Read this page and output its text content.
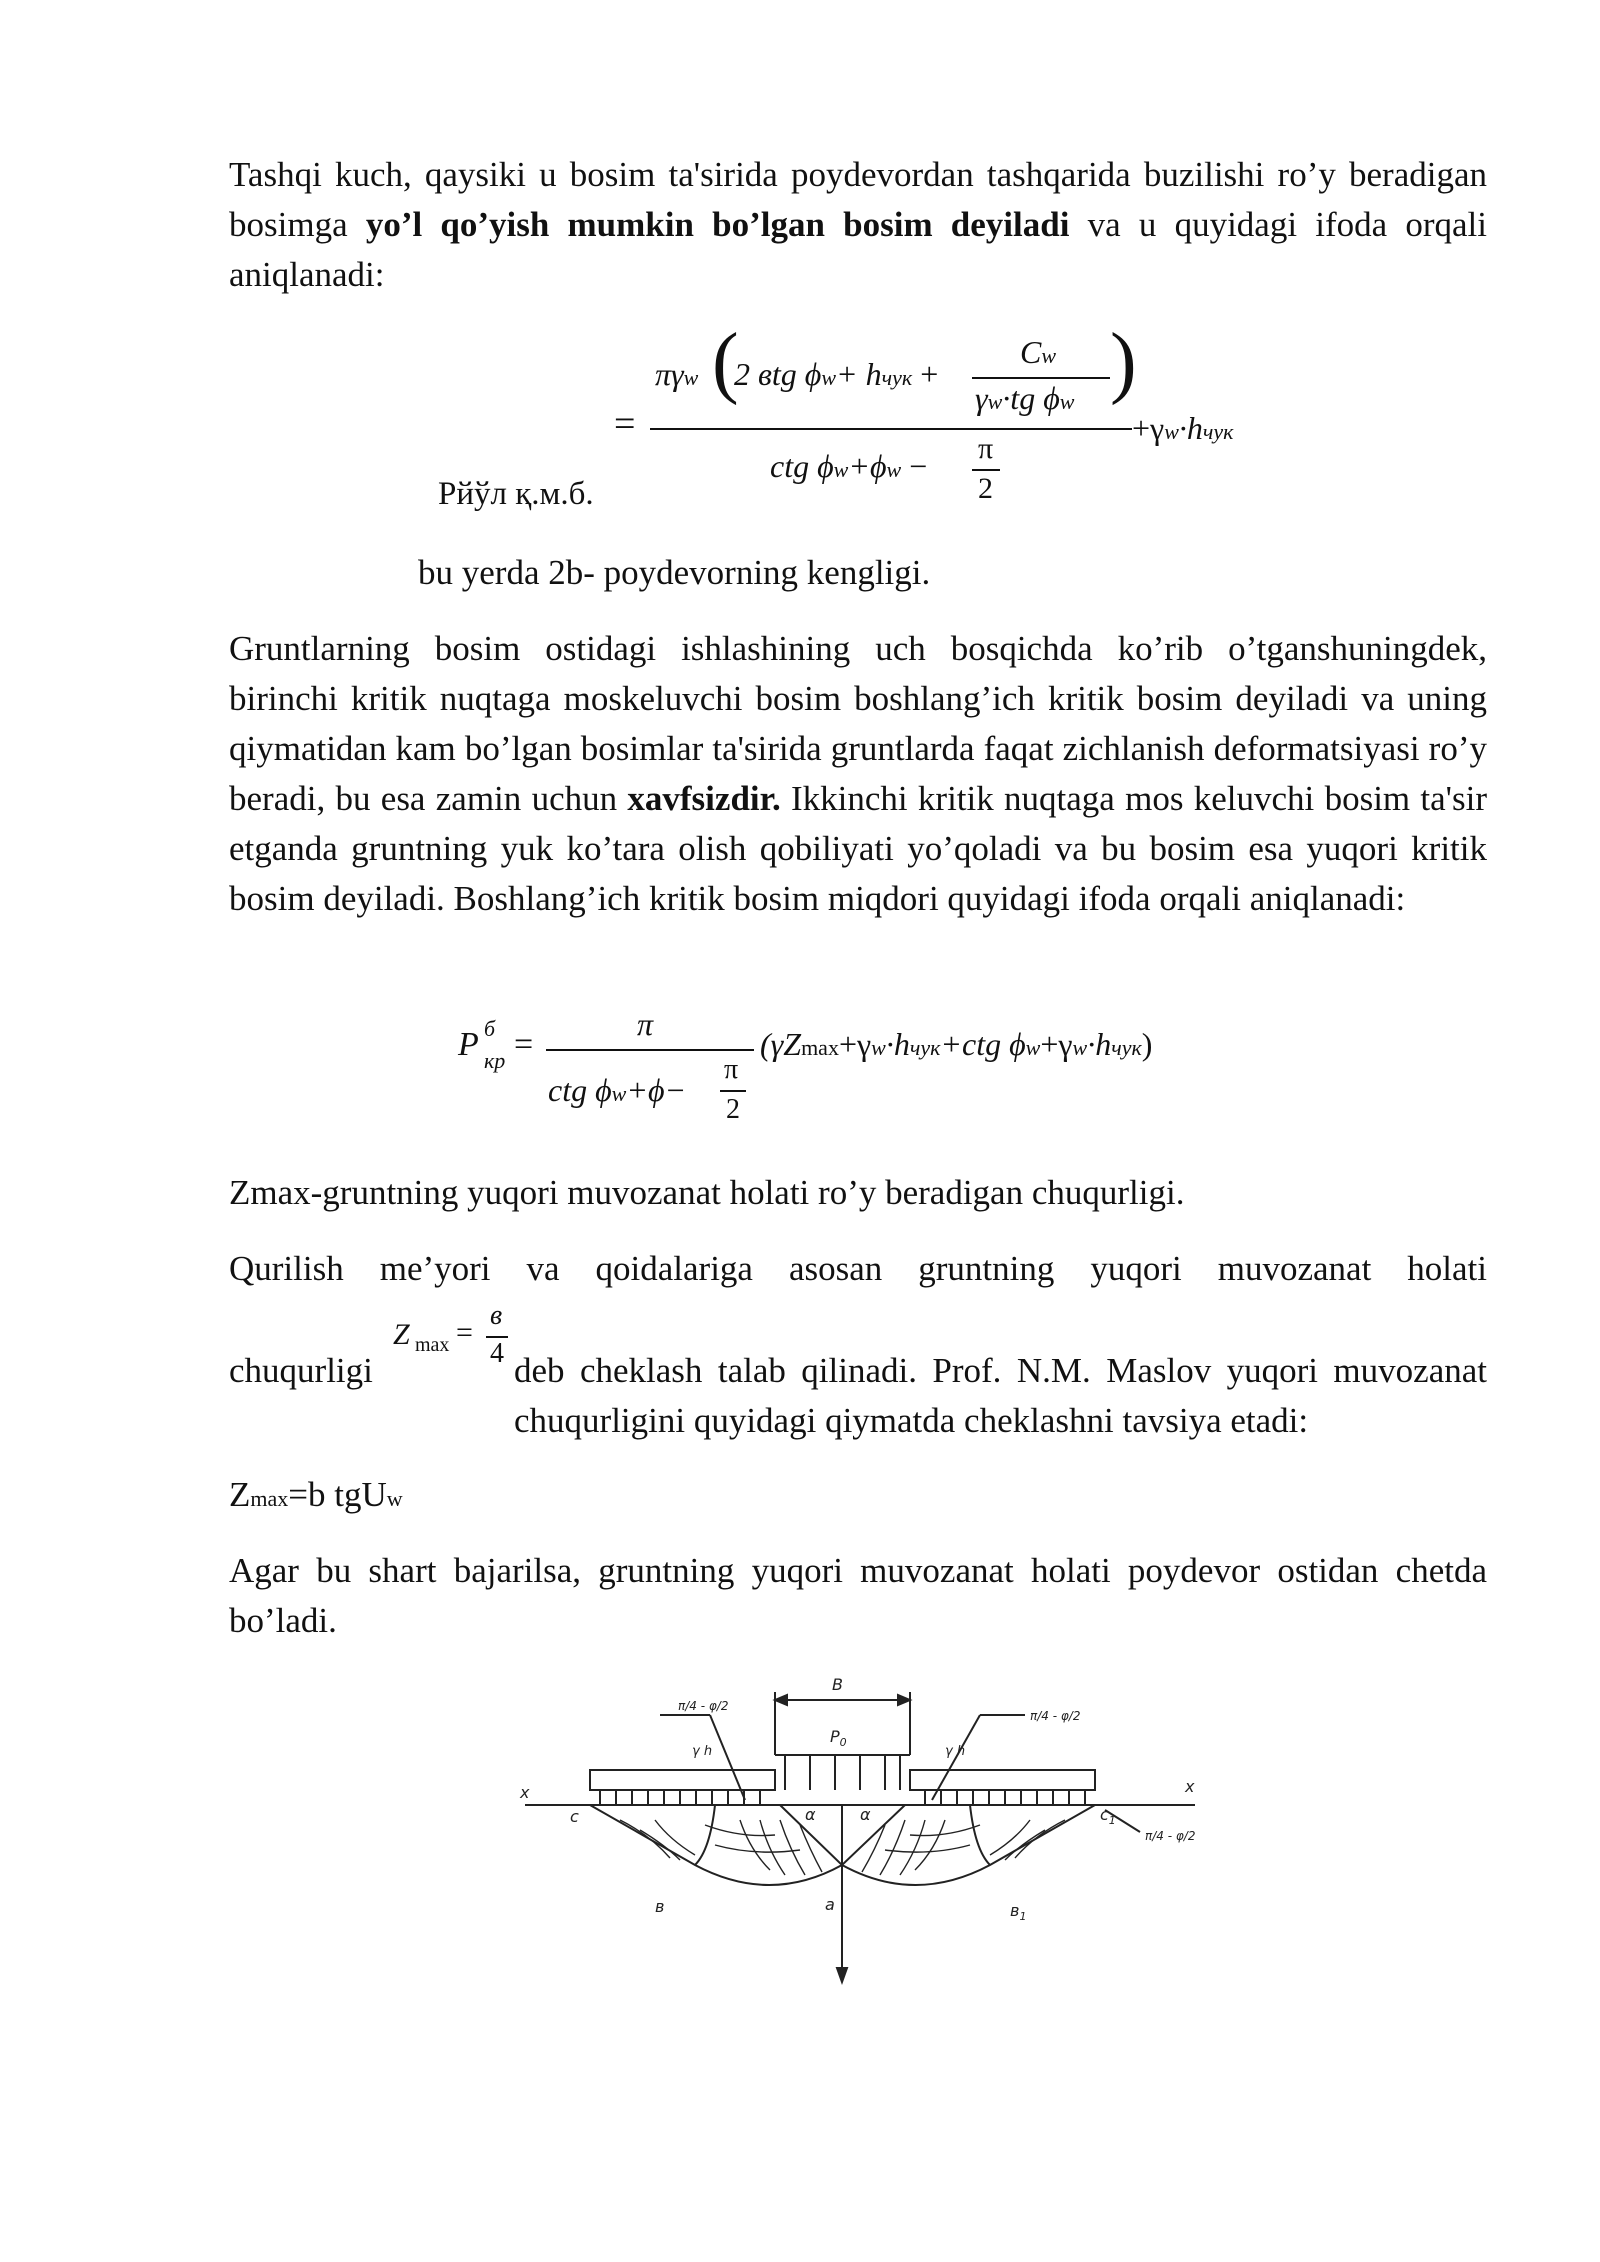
Tashqi kuch, qaysiki u bosim ta'sirida poydevordan tashqarida buzilishi ro’y beradigan bosimga yo’l qo’yish mumkin bo’lgan bosim deyiladi va u quyidagi ifoda orqali aniqlanadi:

Рйўл қ.м.б.
=
πγw (
2 вtg ϕw+ hчук +
Cw
γw·tg ϕw )
ctg ϕw+ϕw − π
2
+γw·hчук

bu yerda 2b- poydevorning kengligi.

Gruntlarning bosim ostidagi ishlashining uch bosqichda ko’rib o’tganshuningdek, birinchi kritik nuqtaga moskeluvchi bosim boshlang’ich kritik bosim deyiladi va uning qiymatidan kam bo’lgan bosimlar ta'sirida gruntlarda faqat zichlanish deformatsiyasi ro’y beradi, bu esa zamin uchun xavfsizdir. Ikkinchi kritik nuqtaga mos keluvchi bosim ta'sir etganda gruntning yuk ko’tara olish qobiliyati yo’qoladi va bu bosim esa yuqori kritik bosim deyiladi. Boshlang’ich kritik bosim miqdori quyidagi ifoda orqali aniqlanadi:

P б
кр =
π
ctg ϕw+ϕ−
π
2
(γZmax+γw·hчук+ctg ϕw+γw·hчук)

Zmax-gruntning yuqori muvozanat holati ro’y beradigan chuqurligi.

Qurilish me’yori va qoidalariga asosan gruntning yuqori muvozanat holati

Z max =
в
4

chuqurligi	deb cheklash talab qilinadi. Prof. N.M. Maslov yuqori muvozanat chuqurligini quyidagi qiymatda cheklashni tavsiya etadi:

Zmax=b tgUw

Agar bu shart bajarilsa, gruntning yuqori muvozanat holati poydevor ostidan chetda bo’ladi.

B
$P_0$
x	x
c	$c_1$
α	α
a
в	$в_1$
γ h	γ h
π/4 - φ/2
π/4 - φ/2
π/4 - φ/2
